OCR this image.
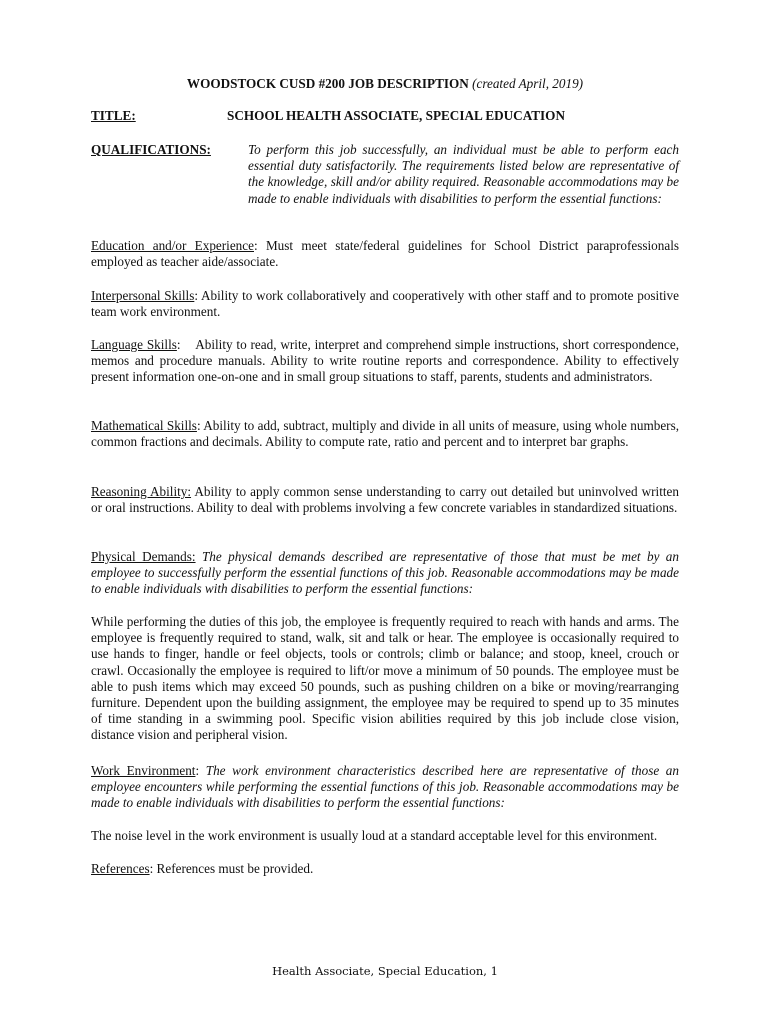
WOODSTOCK CUSD #200 JOB DESCRIPTION (created April, 2019)
TITLE:	SCHOOL HEALTH ASSOCIATE, SPECIAL EDUCATION
QUALIFICATIONS:	To perform this job successfully, an individual must be able to perform each essential duty satisfactorily. The requirements listed below are representative of the knowledge, skill and/or ability required. Reasonable accommodations may be made to enable individuals with disabilities to perform the essential functions:

Education and/or Experience: Must meet state/federal guidelines for School District paraprofessionals employed as teacher aide/associate.

Interpersonal Skills: Ability to work collaboratively and cooperatively with other staff and to promote positive team work environment.

Language Skills:    Ability to read, write, interpret and comprehend simple instructions, short correspondence, memos and procedure manuals. Ability to write routine reports and correspondence. Ability to effectively present information one-on-one and in small group situations to staff, parents, students and administrators.

Mathematical Skills: Ability to add, subtract, multiply and divide in all units of measure, using whole numbers, common fractions and decimals. Ability to compute rate, ratio and percent and to interpret bar graphs.

Reasoning Ability: Ability to apply common sense understanding to carry out detailed but uninvolved written or oral instructions. Ability to deal with problems involving a few concrete variables in standardized situations.

Physical Demands: The physical demands described are representative of those that must be met by an employee to successfully perform the essential functions of this job. Reasonable accommodations may be made to enable individuals with disabilities to perform the essential functions:

While performing the duties of this job, the employee is frequently required to reach with hands and arms. The employee is frequently required to stand, walk, sit and talk or hear. The employee is occasionally required to use hands to finger, handle or feel objects, tools or controls; climb or balance; and stoop, kneel, crouch or crawl. Occasionally the employee is required to lift/or move a minimum of 50 pounds. The employee must be able to push items which may exceed 50 pounds, such as pushing children on a bike or moving/rearranging furniture. Dependent upon the building assignment, the employee may be required to spend up to 35 minutes of time standing in a swimming pool. Specific vision abilities required by this job include close vision, distance vision and peripheral vision.

Work Environment: The work environment characteristics described here are representative of those an employee encounters while performing the essential functions of this job. Reasonable accommodations may be made to enable individuals with disabilities to perform the essential functions:

The noise level in the work environment is usually loud at a standard acceptable level for this environment.

References: References must be provided.

Health Associate, Special Education, 1
